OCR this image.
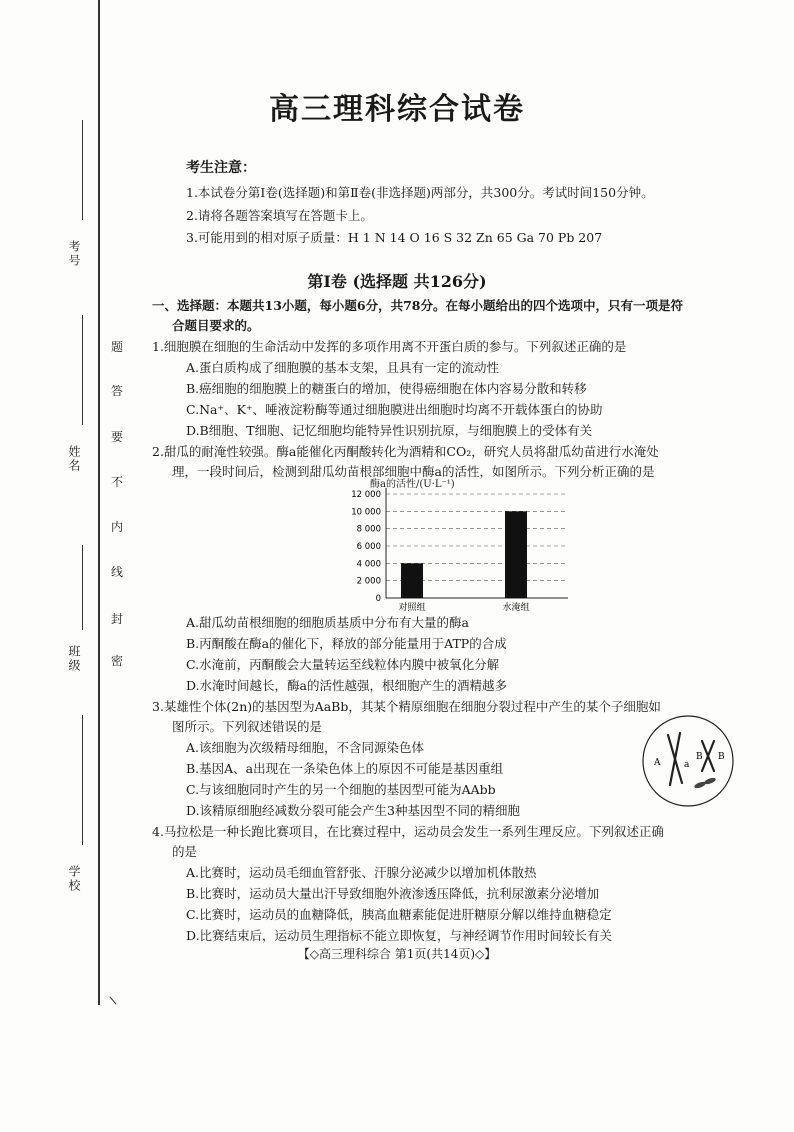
考号
姓名
班级
学校
题
答
要
不
内
线
封
密
高三理科综合试卷
考生注意：
1.本试卷分第Ⅰ卷(选择题)和第Ⅱ卷(非选择题)两部分，共300分。考试时间150分钟。
2.请将各题答案填写在答题卡上。
3.可能用到的相对原子质量：H 1 N 14 O 16 S 32 Zn 65 Ga 70 Pb 207
第Ⅰ卷 (选择题 共126分)
一、选择题：本题共13小题，每小题6分，共78分。在每小题给出的四个选项中，只有一项是符
合题目要求的。
1.细胞膜在细胞的生命活动中发挥的多项作用离不开蛋白质的参与。下列叙述正确的是
A.蛋白质构成了细胞膜的基本支架，且具有一定的流动性
B.癌细胞的细胞膜上的糖蛋白的增加，使得癌细胞在体内容易分散和转移
C.Na⁺、K⁺、唾液淀粉酶等通过细胞膜进出细胞时均离不开载体蛋白的协助
D.B细胞、T细胞、记忆细胞均能特异性识别抗原，与细胞膜上的受体有关
2.甜瓜的耐淹性较强。酶a能催化丙酮酸转化为酒精和CO₂，研究人员将甜瓜幼苗进行水淹处
理，一段时间后，检测到甜瓜幼苗根部细胞中酶a的活性，如图所示。下列分析正确的是
酶a的活性/(U·L⁻¹)
0
2 000
4 000
6 000
8 000
10 000
12 000
对照组	水淹组
A.甜瓜幼苗根细胞的细胞质基质中分布有大量的酶a
B.丙酮酸在酶a的催化下，释放的部分能量用于ATP的合成
C.水淹前，丙酮酸会大量转运至线粒体内膜中被氧化分解
D.水淹时间越长，酶a的活性越强，根细胞产生的酒精越多
3.某雄性个体(2n)的基因型为AaBb，其某个精原细胞在细胞分裂过程中产生的某个子细胞如
图所示。下列叙述错误的是
A.该细胞为次级精母细胞，不含同源染色体
B.基因A、a出现在一条染色体上的原因不可能是基因重组
C.与该细胞同时产生的另一个细胞的基因型可能为AAbb
D.该精原细胞经减数分裂可能会产生3种基因型不同的精细胞
A	a
B B
4.马拉松是一种长跑比赛项目，在比赛过程中，运动员会发生一系列生理反应。下列叙述正确
的是
A.比赛时，运动员毛细血管舒张、汗腺分泌减少以增加机体散热
B.比赛时，运动员大量出汗导致细胞外液渗透压降低，抗利尿激素分泌增加
C.比赛时，运动员的血糖降低，胰高血糖素能促进肝糖原分解以维持血糖稳定
D.比赛结束后，运动员生理指标不能立即恢复，与神经调节作用时间较长有关
【◇高三理科综合 第1页(共14页)◇】
